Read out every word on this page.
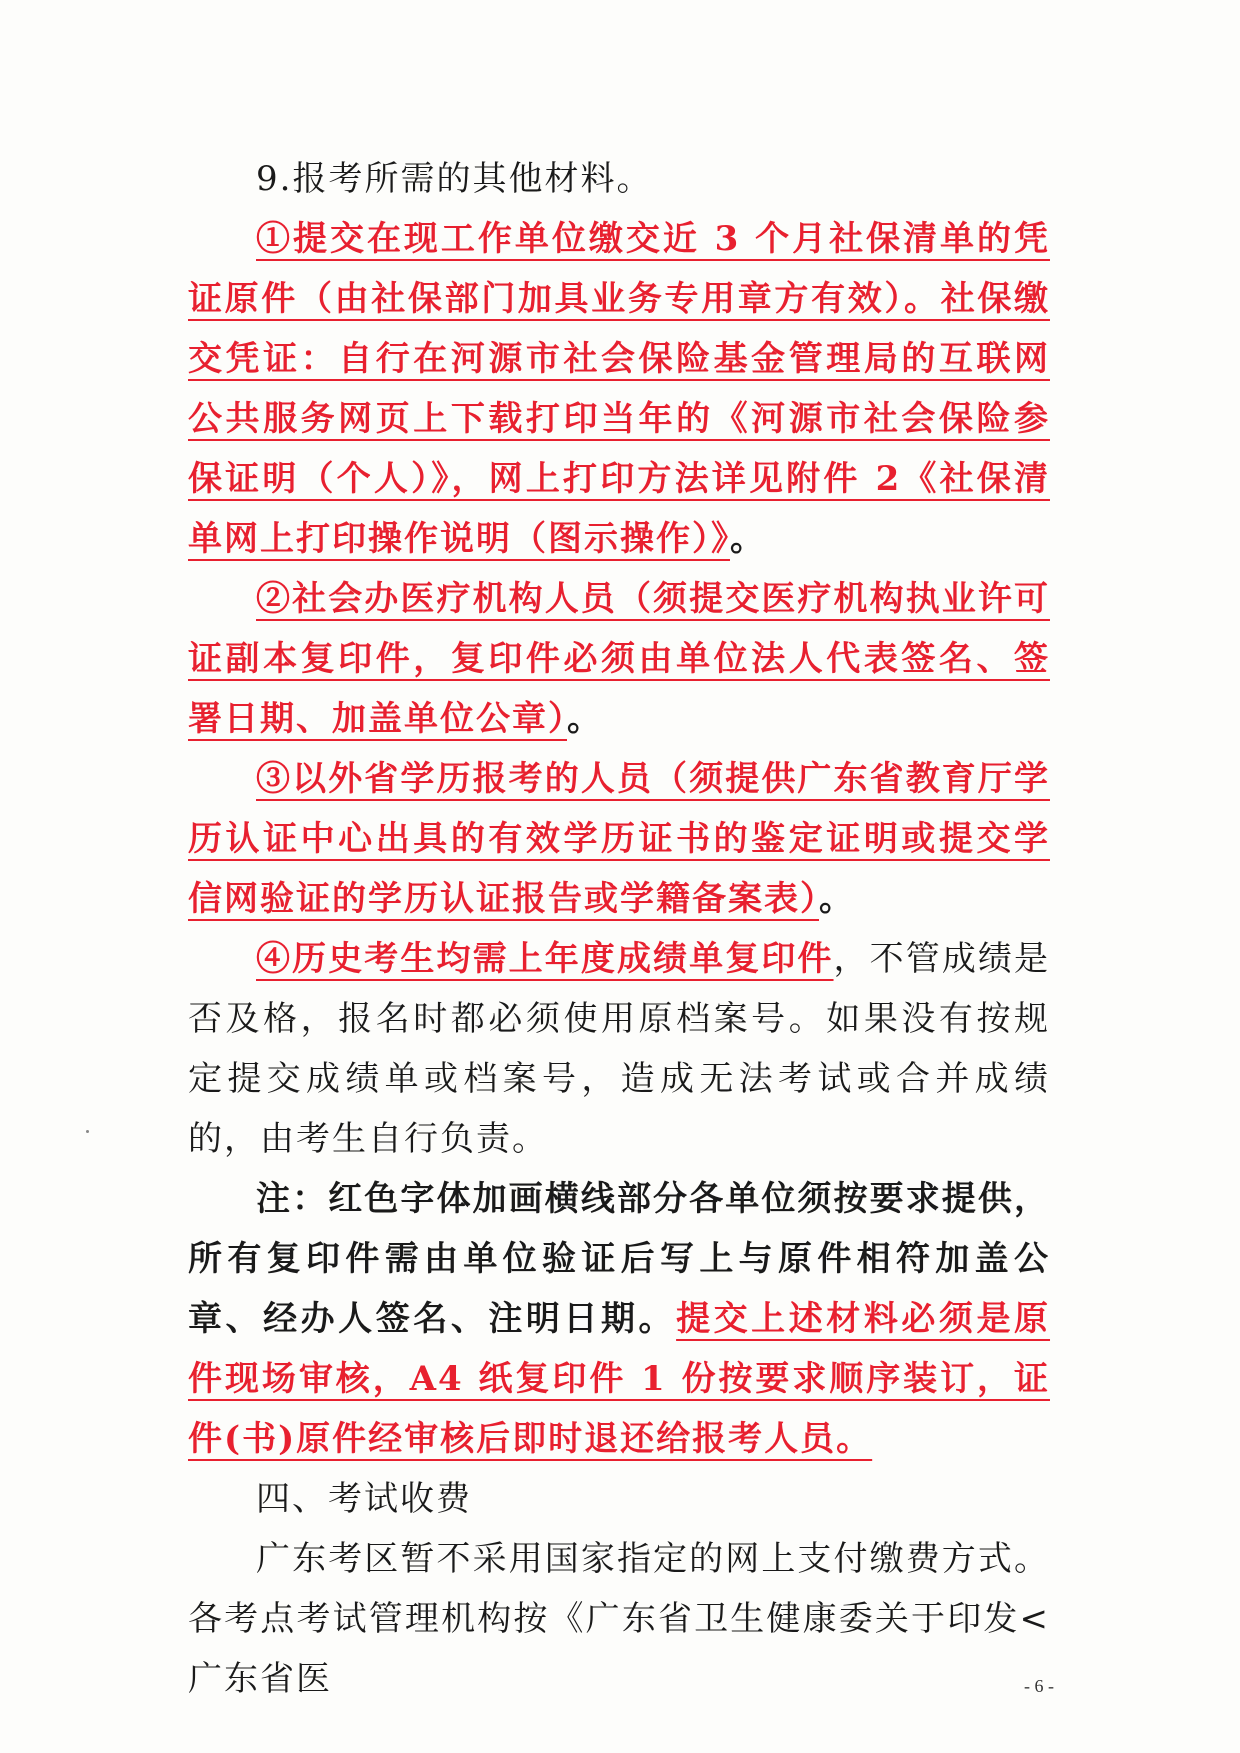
9.报考所需的其他材料。

①提交在现工作单位缴交近 3 个月社保清单的凭证原件（由社保部门加具业务专用章方有效）。社保缴交凭证：自行在河源市社会保险基金管理局的互联网公共服务网页上下载打印当年的《河源市社会保险参保证明（个人）》，网上打印方法详见附件 2《社保清单网上打印操作说明（图示操作）》。

②社会办医疗机构人员（须提交医疗机构执业许可证副本复印件，复印件必须由单位法人代表签名、签署日期、加盖单位公章）。

③以外省学历报考的人员（须提供广东省教育厅学历认证中心出具的有效学历证书的鉴定证明或提交学信网验证的学历认证报告或学籍备案表）。

④历史考生均需上年度成绩单复印件，不管成绩是否及格，报名时都必须使用原档案号。如果没有按规定提交成绩单或档案号，造成无法考试或合并成绩的，由考生自行负责。

注：红色字体加画横线部分各单位须按要求提供，所有复印件需由单位验证后写上与原件相符加盖公章、经办人签名、注明日期。提交上述材料必须是原件现场审核，A4 纸复印件 1 份按要求顺序装订，证件(书)原件经审核后即时退还给报考人员。

四、考试收费

广东考区暂不采用国家指定的网上支付缴费方式。各考点考试管理机构按《广东省卫生健康委关于印发<广东省医	- 6 -
